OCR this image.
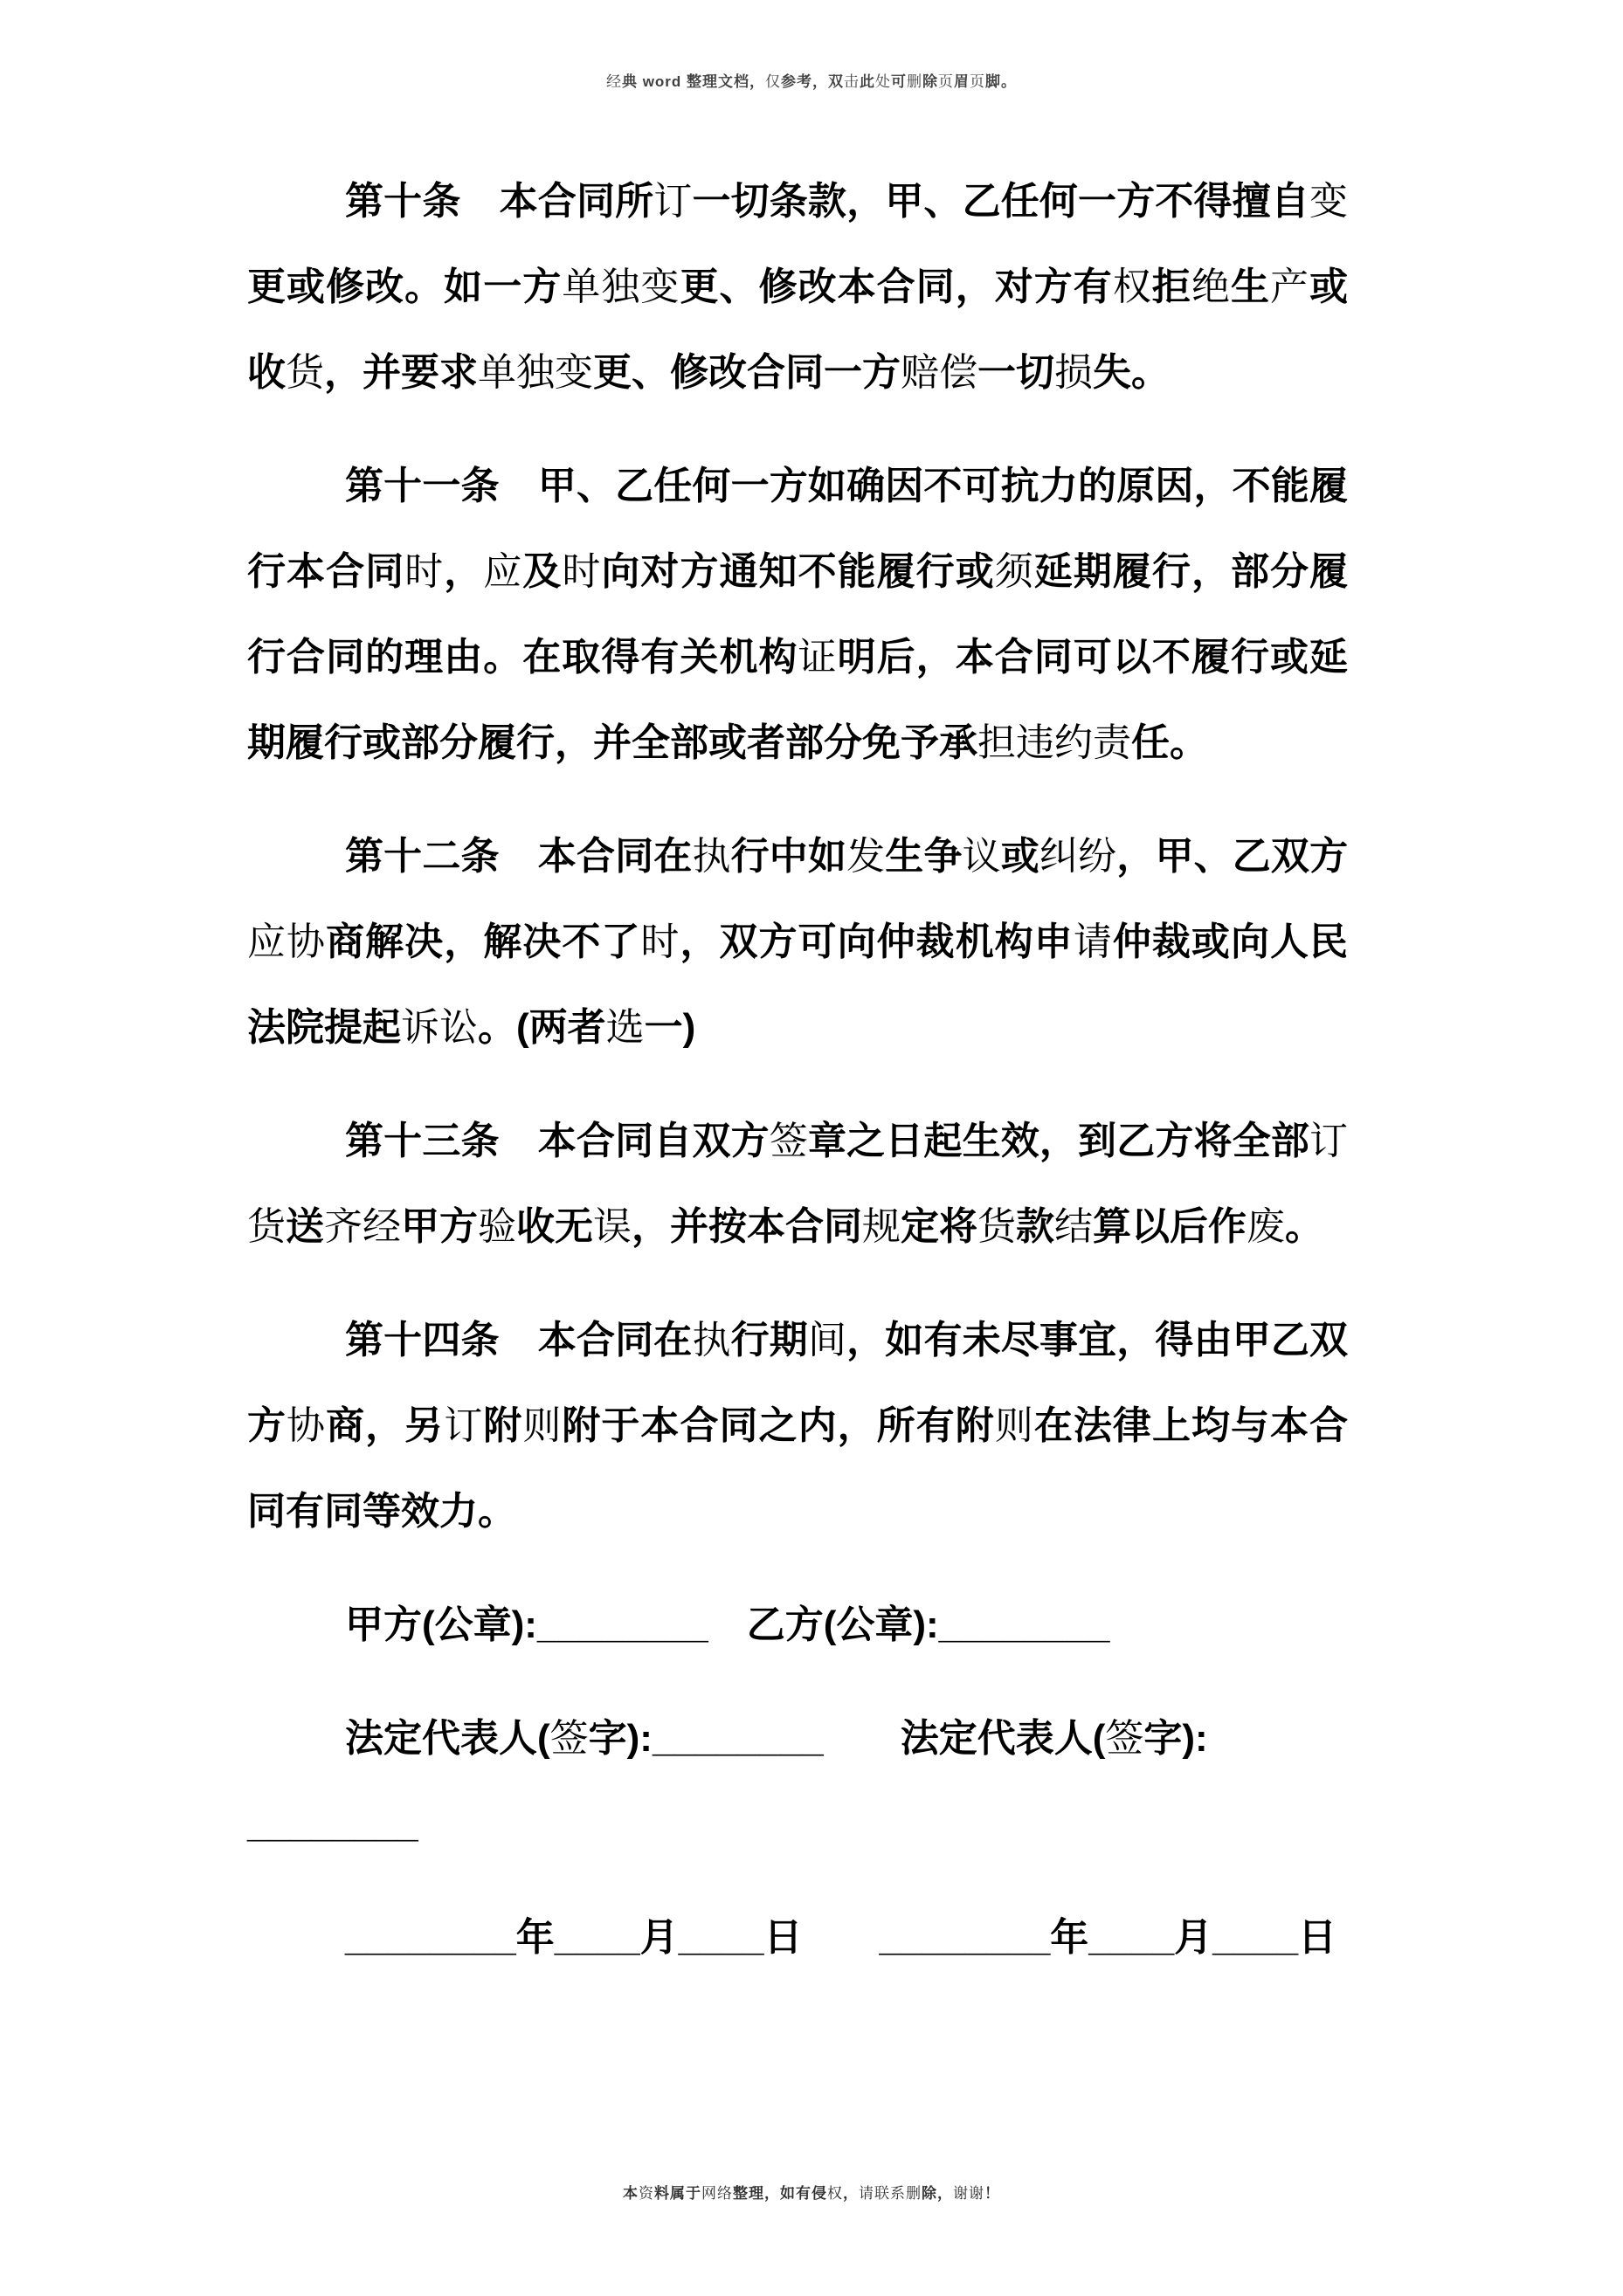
经典 word 整理文档，仅参考，双击此处可删除页眉页脚。

第十条　本合同所订一切条款，甲、乙任何一方不得擅自变更或修改。如一方单独变更、修改本合同，对方有权拒绝生产或收货，并要求单独变更、修改合同一方赔偿一切损失。

第十一条　甲、乙任何一方如确因不可抗力的原因，不能履行本合同时，应及时向对方通知不能履行或须延期履行，部分履行合同的理由。在取得有关机构证明后，本合同可以不履行或延期履行或部分履行，并全部或者部分免予承担违约责任。

第十二条　本合同在执行中如发生争议或纠纷，甲、乙双方应协商解决，解决不了时，双方可向仲裁机构申请仲裁或向人民法院提起诉讼。(两者选一)

第十三条　本合同自双方签章之日起生效，到乙方将全部订货送齐经甲方验收无误，并按本合同规定将货款结算以后作废。

第十四条　本合同在执行期间，如有未尽事宜，得由甲乙双方协商，另订附则附于本合同之内，所有附则在法律上均与本合同有同等效力。

甲方(公章):________　乙方(公章):________

法定代表人(签字):________　　法定代表人(签字):

________

________年____月____日　　________年____月____日

本资料属于网络整理，如有侵权，请联系删除，谢谢！
